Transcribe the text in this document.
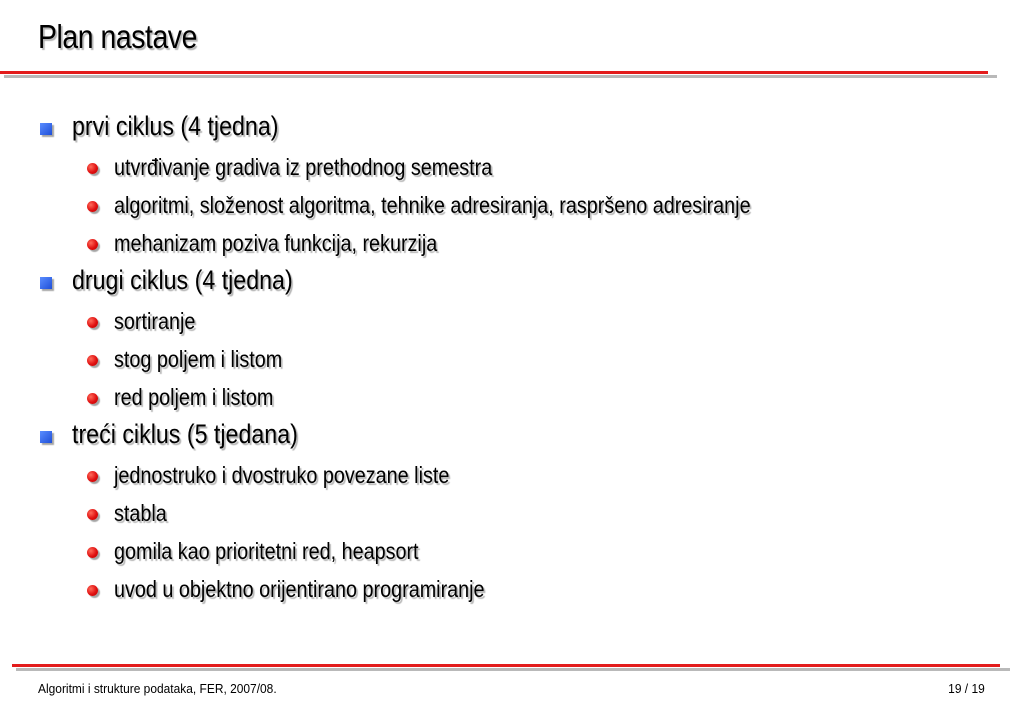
Plan nastave
prvi ciklus (4 tjedna)
utvrđivanje gradiva iz prethodnog semestra
algoritmi, složenost algoritma, tehnike adresiranja, raspršeno adresiranje
mehanizam poziva funkcija, rekurzija
drugi ciklus (4 tjedna)
sortiranje
stog poljem i listom
red poljem i listom
treći ciklus (5 tjedana)
jednostruko i dvostruko povezane liste
stabla
gomila kao prioritetni red, heapsort
uvod u objektno orijentirano programiranje
Algoritmi i strukture podataka, FER, 2007/08.	19 / 19
